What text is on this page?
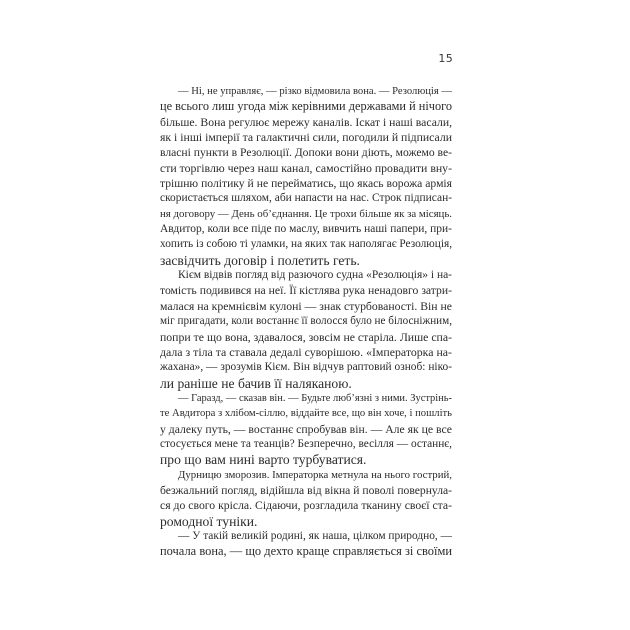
15
— Ні, не управляє, — різко відмовила вона. — Резолюція —
це всього лиш угода між керівними державами й нічого
більше. Вона регулює мережу каналів. Іскат і наші васали,
як і інші імперії та галактичні сили, погодили й підписали
власні пункти в Резолюції. Допоки вони діють, можемо ве-
сти торгівлю через наш канал, самостійно провадити вну-
трішню політику й не перейматись, що якась ворожа армія
скористається шляхом, аби напасти на нас. Строк підписан-
ня договору — День об’єднання. Це трохи більше як за місяць.
Авдитор, коли все піде по маслу, вивчить наші папери, при-
хопить із собою ті уламки, на яких так наполягає Резолюція,
засвідчить договір і полетить геть.
Кієм відвів погляд від разючого судна «Резолюція» і на-
томість подивився на неї. Її кістлява рука ненадовго затри-
малася на кремнієвім кулоні — знак стурбованості. Він не
міг пригадати, коли востаннє її волосся було не білосніжним,
попри те що вона, здавалося, зовсім не старіла. Лише спа-
дала з тіла та ставала дедалі суворішою. «Імператорка на-
жахана», — зрозумів Кієм. Він відчув раптовий озноб: ніко-
ли раніше не бачив її наляканою.
— Гаразд, — сказав він. — Будьте люб’язні з ними. Зустрінь-
те Авдитора з хлібом-сіллю, віддайте все, що він хоче, і пошліть
у далеку путь, — востаннє спробував він. — Але як це все
стосується мене та теанців? Безперечно, весілля — останнє,
про що вам нині варто турбуватися.
Дурницю зморозив. Імператорка метнула на нього гострий,
безжальний погляд, відійшла від вікна й поволі повернула-
ся до свого крісла. Сідаючи, розгладила тканину своєї ста-
ромодної туніки.
— У такій великій родині, як наша, цілком природно, —
почала вона, — що дехто краще справляється зі своїми
